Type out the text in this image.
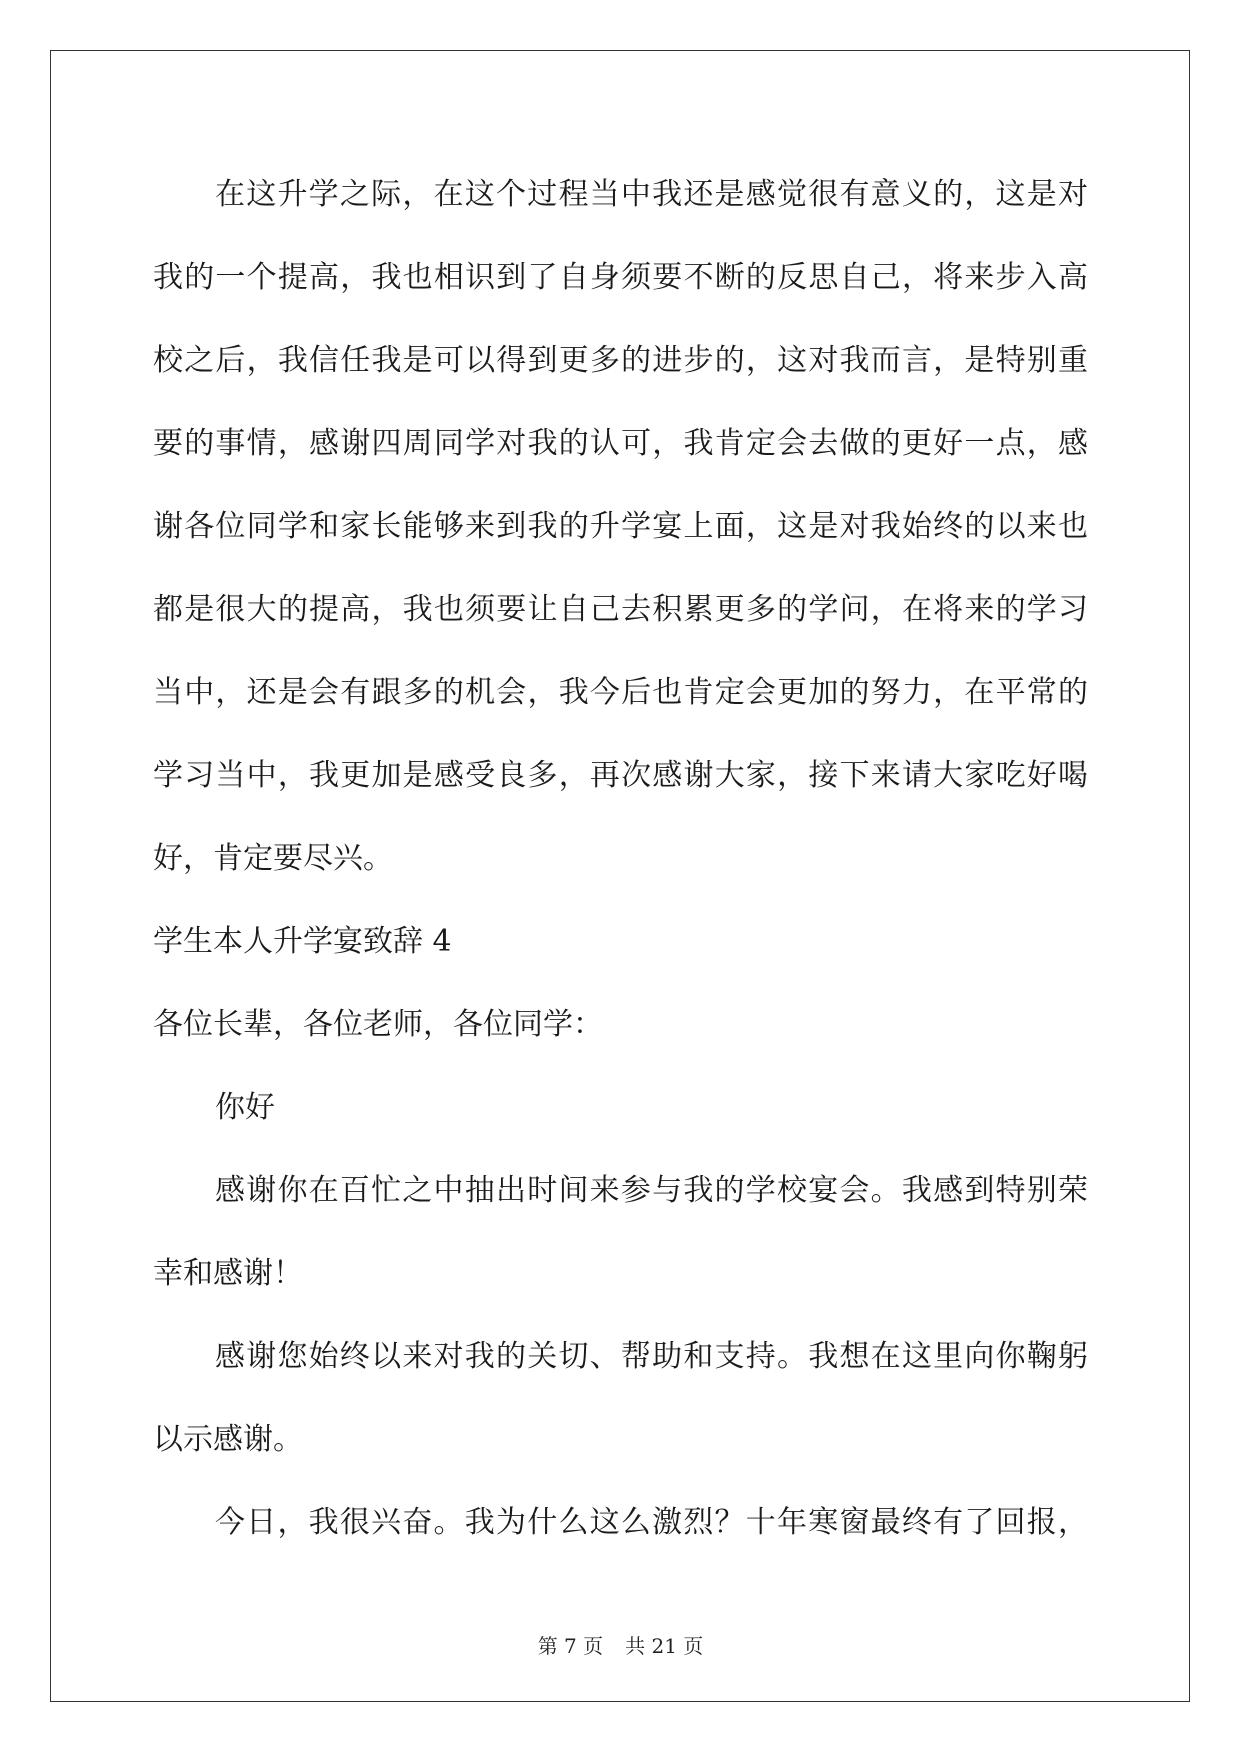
在这升学之际，在这个过程当中我还是感觉很有意义的，这是对
我的一个提高，我也相识到了自身须要不断的反思自己，将来步入高
校之后，我信任我是可以得到更多的进步的，这对我而言，是特别重
要的事情，感谢四周同学对我的认可，我肯定会去做的更好一点，感
谢各位同学和家长能够来到我的升学宴上面，这是对我始终的以来也
都是很大的提高，我也须要让自己去积累更多的学问，在将来的学习
当中，还是会有跟多的机会，我今后也肯定会更加的努力，在平常的
学习当中，我更加是感受良多，再次感谢大家，接下来请大家吃好喝
好，肯定要尽兴。
学生本人升学宴致辞 4
各位长辈，各位老师，各位同学：
你好
感谢你在百忙之中抽出时间来参与我的学校宴会。我感到特别荣
幸和感谢！
感谢您始终以来对我的关切、帮助和支持。我想在这里向你鞠躬
以示感谢。
今日，我很兴奋。我为什么这么激烈？十年寒窗最终有了回报，
第 7 页 共 21 页
